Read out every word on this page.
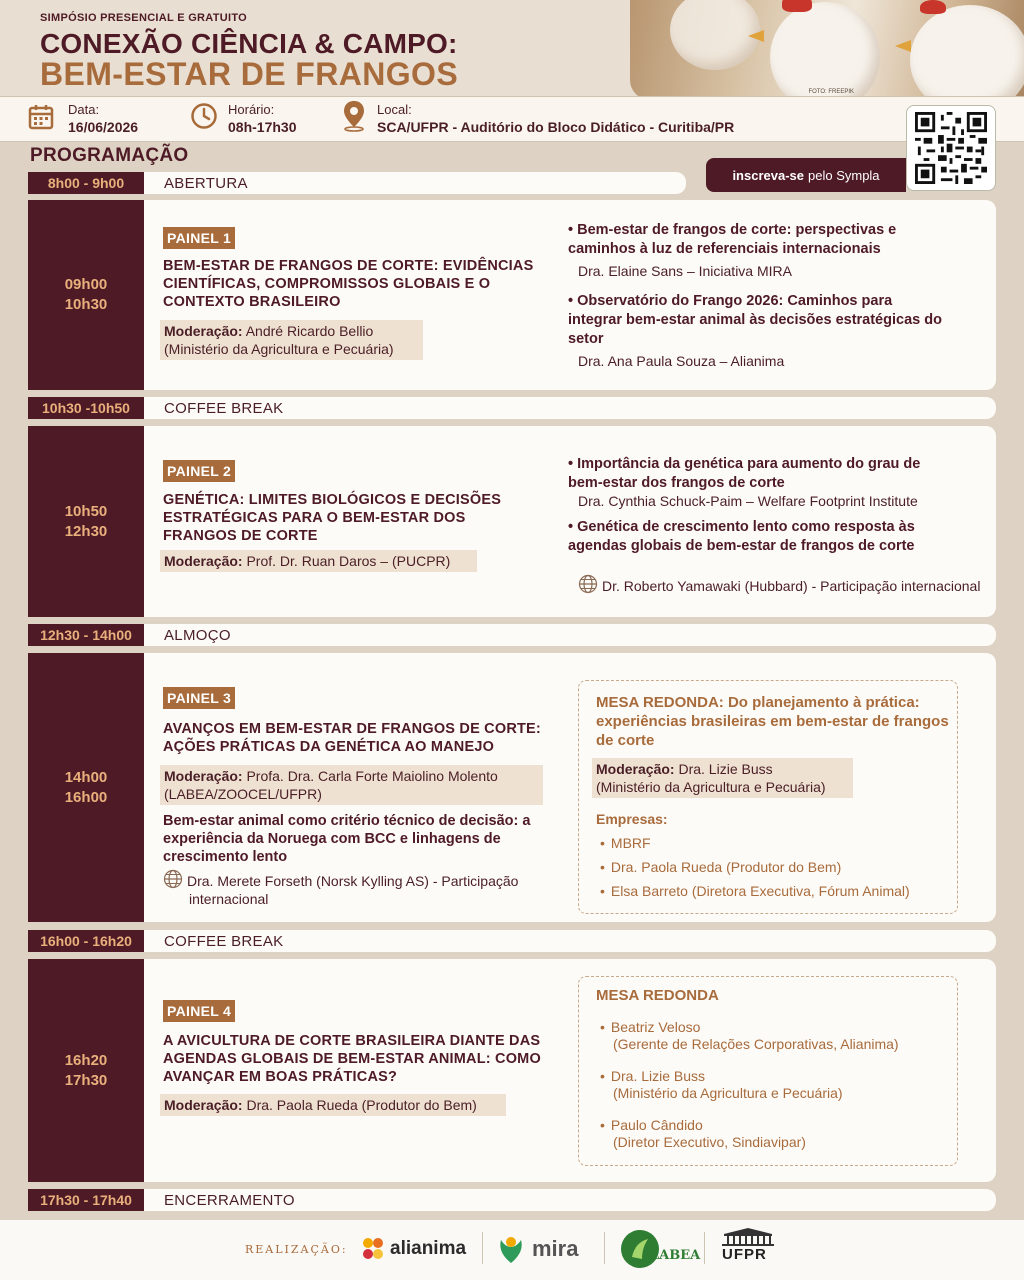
SIMPÓSIO PRESENCIAL E GRATUITO
CONEXÃO CIÊNCIA & CAMPO:
BEM-ESTAR DE FRANGOS	FOTO: FREEPIK
Data:
16/06/2026
Horário:
08h-17h30
Local:
SCA/UFPR - Auditório do Bloco Didático - Curitiba/PR
inscreva-se pelo Sympla
PROGRAMAÇÃO
8h00 - 9h00	ABERTURA
09h00
10h30
PAINEL 1
BEM-ESTAR DE FRANGOS DE CORTE: EVIDÊNCIAS CIENTÍFICAS, COMPROMISSOS GLOBAIS E O CONTEXTO BRASILEIRO
Moderação: André Ricardo Bellio
(Ministério da Agricultura e Pecuária)
• Bem-estar de frangos de corte: perspectivas e caminhos à luz de referenciais internacionais
Dra. Elaine Sans – Iniciativa MIRA
• Observatório do Frango 2026: Caminhos para integrar bem-estar animal às decisões estratégicas do setor
Dra. Ana Paula Souza – Alianima
10h30 -10h50	COFFEE BREAK
10h50
12h30
PAINEL 2
GENÉTICA: LIMITES BIOLÓGICOS E DECISÕES ESTRATÉGICAS PARA O BEM-ESTAR DOS FRANGOS DE CORTE
Moderação: Prof. Dr. Ruan Daros – (PUCPR)
• Importância da genética para aumento do grau de bem-estar dos frangos de corte
Dra. Cynthia Schuck-Paim – Welfare Footprint Institute
• Genética de crescimento lento como resposta às agendas globais de bem-estar de frangos de corte
Dr. Roberto Yamawaki (Hubbard) - Participação internacional
12h30 - 14h00	ALMOÇO
14h00
16h00
PAINEL 3
AVANÇOS EM BEM-ESTAR DE FRANGOS DE CORTE: AÇÕES PRÁTICAS DA GENÉTICA AO MANEJO
Moderação: Profa. Dra. Carla Forte Maiolino Molento
(LABEA/ZOOCEL/UFPR)
Bem-estar animal como critério técnico de decisão: a experiência da Noruega com BCC e linhagens de crescimento lento
Dra. Merete Forseth (Norsk Kylling AS) - Participação
internacional
MESA REDONDA: Do planejamento à prática: experiências brasileiras em bem-estar de frangos de corte
Moderação: Dra. Lizie Buss
(Ministério da Agricultura e Pecuária)
Empresas:
• MBRF
• Dra. Paola Rueda (Produtor do Bem)
• Elsa Barreto (Diretora Executiva, Fórum Animal)
16h00 - 16h20	COFFEE BREAK
16h20
17h30
PAINEL 4
A AVICULTURA DE CORTE BRASILEIRA DIANTE DAS AGENDAS GLOBAIS DE BEM-ESTAR ANIMAL: COMO AVANÇAR EM BOAS PRÁTICAS?
Moderação: Dra. Paola Rueda (Produtor do Bem)
MESA REDONDA
• Beatriz Veloso
(Gerente de Relações Corporativas, Alianima)
• Dra. Lizie Buss
(Ministério da Agricultura e Pecuária)
• Paulo Cândido
(Diretor Executivo, Sindiavipar)
17h30 - 17h40	ENCERRAMENTO
REALIZAÇÃO: alianima	mira	LABEA UFPR
